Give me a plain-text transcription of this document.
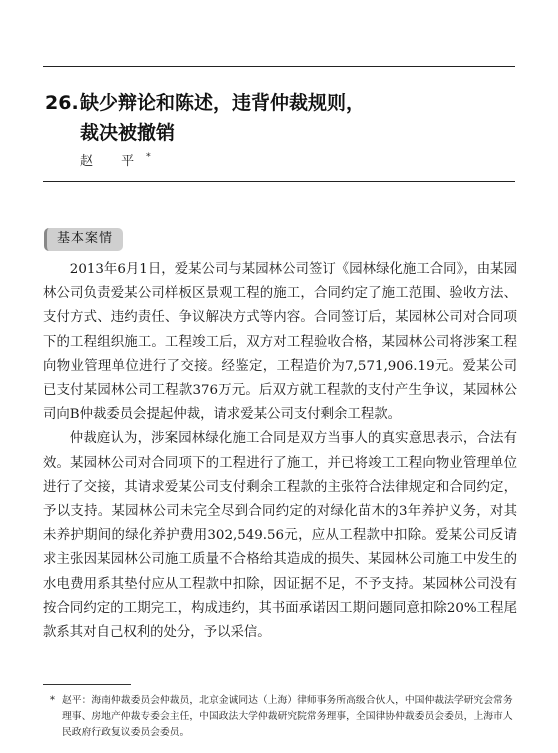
26.缺少辩论和陈述，违背仲裁规则，
裁决被撤销
赵 平*
基本案情

2013年6月1日，爱某公司与某园林公司签订《园林绿化施工合同》，由某园林公司负责爱某公司样板区景观工程的施工，合同约定了施工范围、验收方法、支付方式、违约责任、争议解决方式等内容。合同签订后，某园林公司对合同项下的工程组织施工。工程竣工后，双方对工程验收合格，某园林公司将涉案工程向物业管理单位进行了交接。经鉴定，工程造价为7,571,906.19元。爱某公司已支付某园林公司工程款376万元。后双方就工程款的支付产生争议，某园林公司向B仲裁委员会提起仲裁，请求爱某公司支付剩余工程款。

仲裁庭认为，涉案园林绿化施工合同是双方当事人的真实意思表示，合法有效。某园林公司对合同项下的工程进行了施工，并已将竣工工程向物业管理单位进行了交接，其请求爱某公司支付剩余工程款的主张符合法律规定和合同约定，予以支持。某园林公司未完全尽到合同约定的对绿化苗木的3年养护义务，对其未养护期间的绿化养护费用302,549.56元，应从工程款中扣除。爱某公司反请求主张因某园林公司施工质量不合格给其造成的损失、某园林公司施工中发生的水电费用系其垫付应从工程款中扣除，因证据不足，不予支持。某园林公司没有按合同约定的工期完工，构成违约，其书面承诺因工期问题同意扣除20%工程尾款系其对自己权利的处分，予以采信。

* 赵平：海南仲裁委员会仲裁员，北京金诚同达（上海）律师事务所高级合伙人，中国仲裁法学研究会常务理事、房地产仲裁专委会主任，中国政法大学仲裁研究院常务理事，全国律协仲裁委员会委员，上海市人民政府行政复议委员会委员。
